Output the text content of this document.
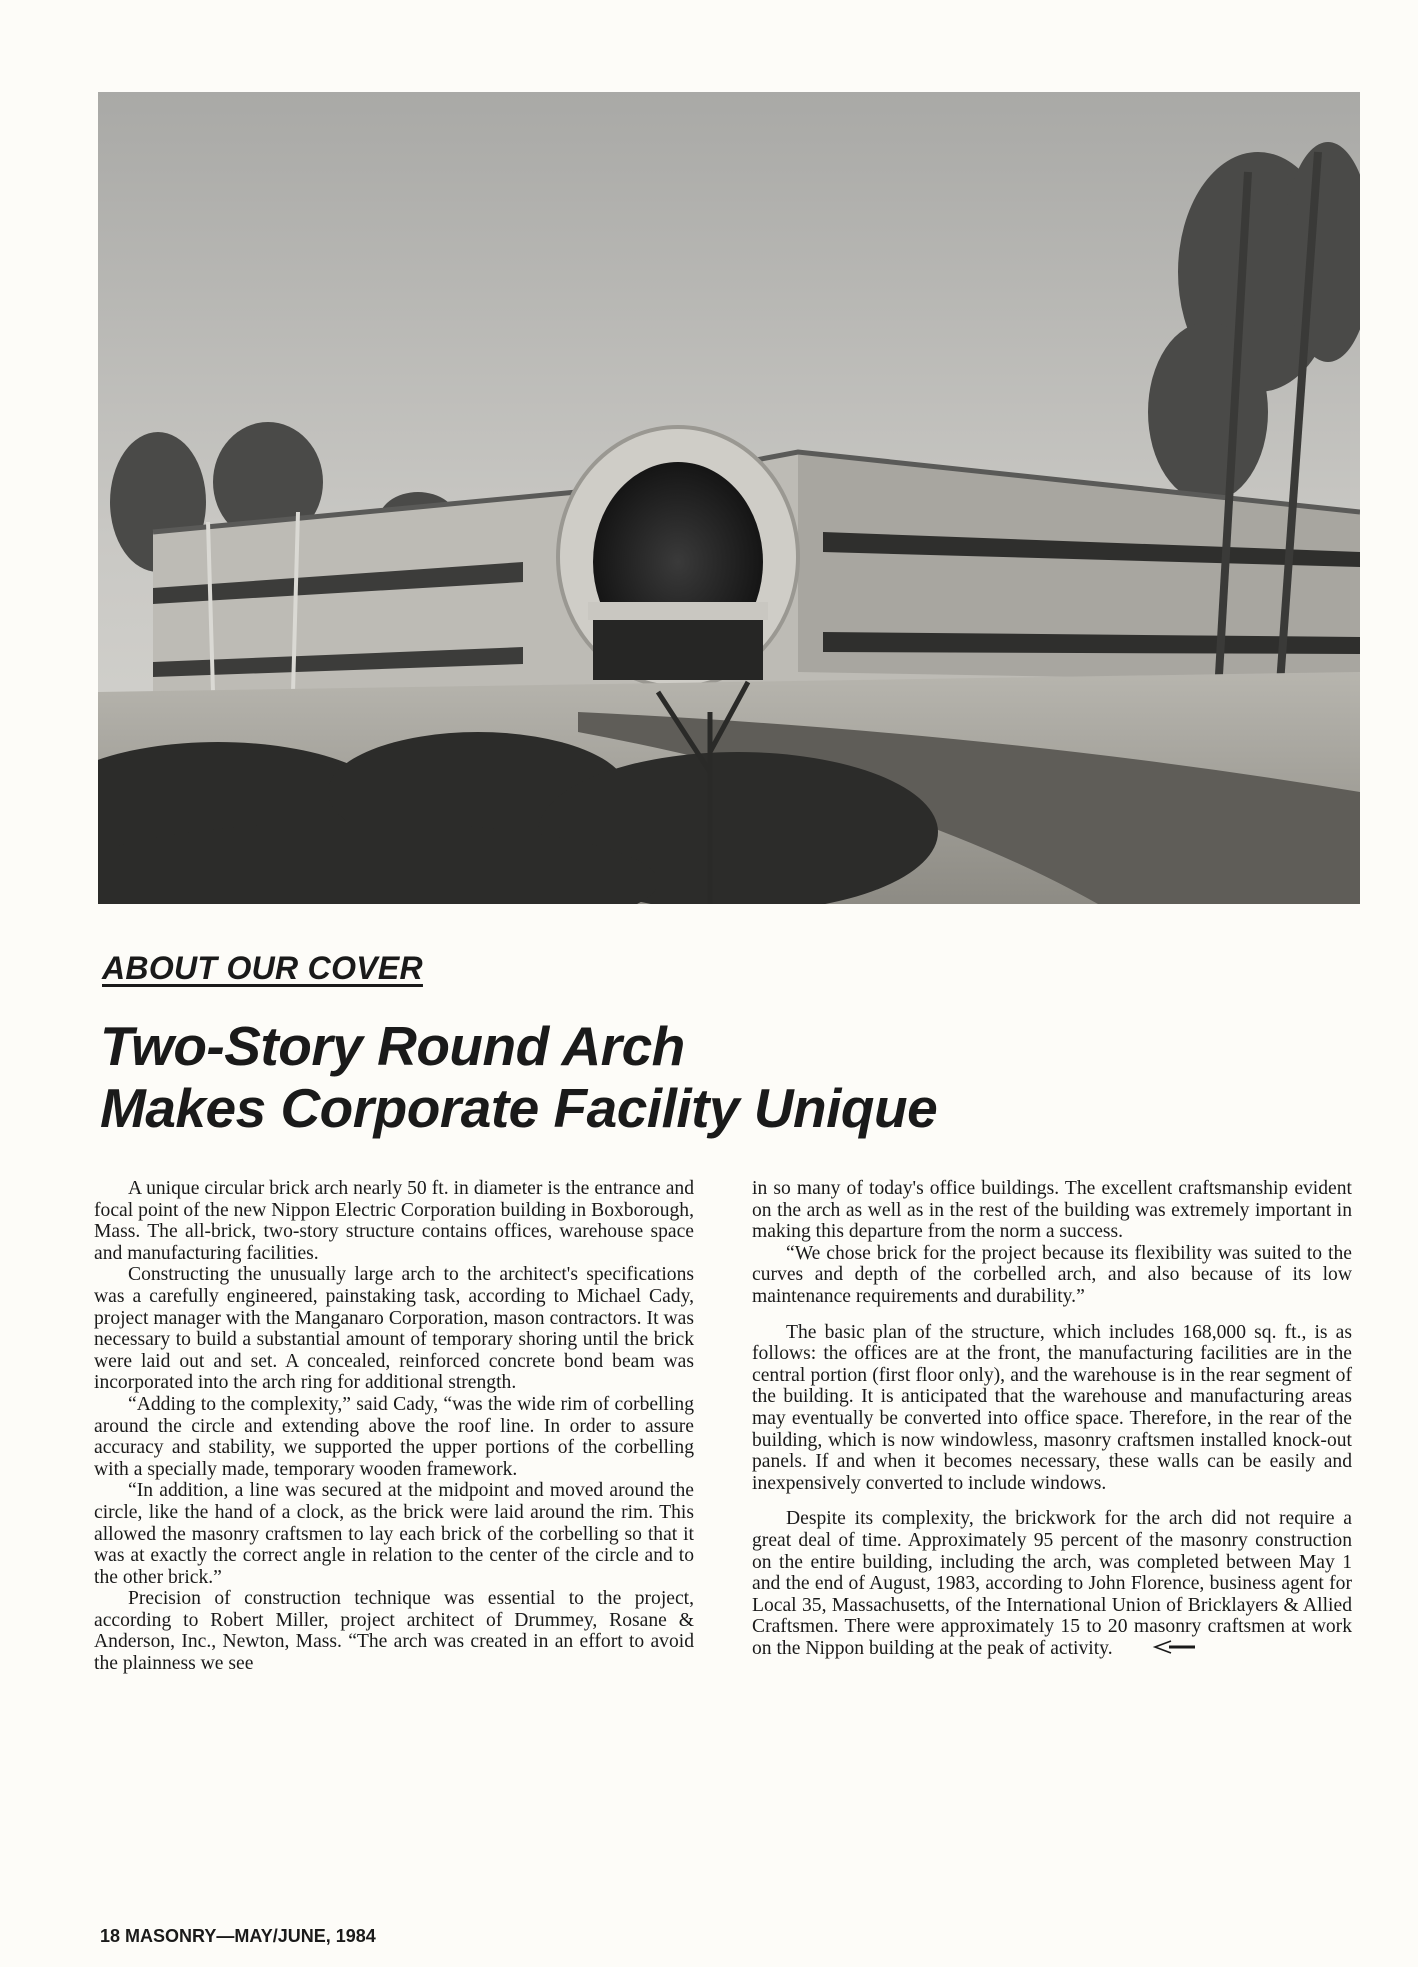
ABOUT OUR COVER
Two-Story Round Arch
Makes Corporate Facility Unique

A unique circular brick arch nearly 50 ft. in diameter is the entrance and focal point of the new Nippon Electric Corporation building in Boxborough, Mass. The all-brick, two-story structure contains offices, warehouse space and manufacturing facilities.

Constructing the unusually large arch to the architect's specifications was a carefully engineered, painstaking task, according to Michael Cady, project manager with the Manganaro Corporation, mason contractors. It was necessary to build a substantial amount of temporary shoring until the brick were laid out and set. A concealed, reinforced concrete bond beam was incorporated into the arch ring for additional strength.

“Adding to the complexity,” said Cady, “was the wide rim of corbelling around the circle and extending above the roof line. In order to assure accuracy and stability, we supported the upper portions of the corbelling with a specially made, temporary wooden framework.

“In addition, a line was secured at the midpoint and moved around the circle, like the hand of a clock, as the brick were laid around the rim. This allowed the masonry craftsmen to lay each brick of the corbelling so that it was at exactly the correct angle in relation to the center of the circle and to the other brick.”

Precision of construction technique was essential to the project, according to Robert Miller, project architect of Drummey, Rosane & Anderson, Inc., Newton, Mass. “The arch was created in an effort to avoid the plainness we see

in so many of today's office buildings. The excellent craftsmanship evident on the arch as well as in the rest of the building was extremely important in making this departure from the norm a success.

“We chose brick for the project because its flexibility was suited to the curves and depth of the corbelled arch, and also because of its low maintenance requirements and durability.”

The basic plan of the structure, which includes 168,000 sq. ft., is as follows: the offices are at the front, the manufacturing facilities are in the central portion (first floor only), and the warehouse is in the rear segment of the building. It is anticipated that the warehouse and manufacturing areas may eventually be converted into office space. Therefore, in the rear of the building, which is now windowless, masonry craftsmen installed knock-out panels. If and when it becomes necessary, these walls can be easily and inexpensively converted to include windows.

Despite its complexity, the brickwork for the arch did not require a great deal of time. Approximately 95 percent of the masonry construction on the entire building, including the arch, was completed between May 1 and the end of August, 1983, according to John Florence, business agent for Local 35, Massachusetts, of the International Union of Bricklayers & Allied Craftsmen. There were approximately 15 to 20 masonry craftsmen at work on the Nippon building at the peak of activity.

18 MASONRY—MAY/JUNE, 1984
